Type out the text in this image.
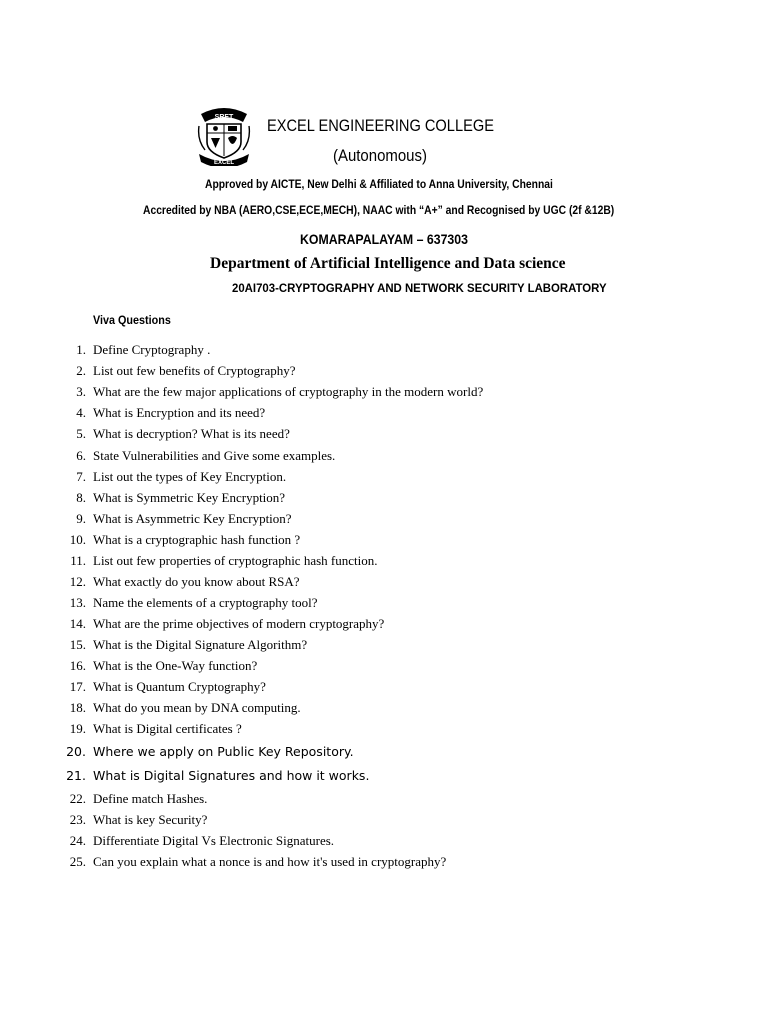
SRET
EXCEL
EXCEL ENGINEERING COLLEGE
(Autonomous)
Approved by AICTE, New Delhi & Affiliated to Anna University, Chennai
Accredited by NBA (AERO,CSE,ECE,MECH), NAAC with “A+” and Recognised by UGC (2f &12B)
KOMARAPALAYAM – 637303
Department of Artificial Intelligence and Data science
20AI703-CRYPTOGRAPHY AND NETWORK SECURITY LABORATORY
Viva Questions
1. Define Cryptography .
2. List out few benefits of Cryptography?
3. What are the few major applications of cryptography in the modern world?
4. What is Encryption and its need?
5. What is decryption? What is its need?
6. State Vulnerabilities and Give some examples.
7. List out the types of Key Encryption.
8. What is Symmetric Key Encryption?
9. What is Asymmetric Key Encryption?
10. What is a cryptographic hash function ?
11. List out few properties of cryptographic hash function.
12. What exactly do you know about RSA?
13. Name the elements of a cryptography tool?
14. What are the prime objectives of modern cryptography?
15. What is the Digital Signature Algorithm?
16. What is the One-Way function?
17. What is Quantum Cryptography?
18. What do you mean by DNA computing.
19. What is Digital certificates ?
20. Where we apply on Public Key Repository.
21. What is Digital Signatures and how it works.
22. Define match Hashes.
23. What is key Security?
24. Differentiate Digital Vs Electronic Signatures.
25. Can you explain what a nonce is and how it's used in cryptography?
